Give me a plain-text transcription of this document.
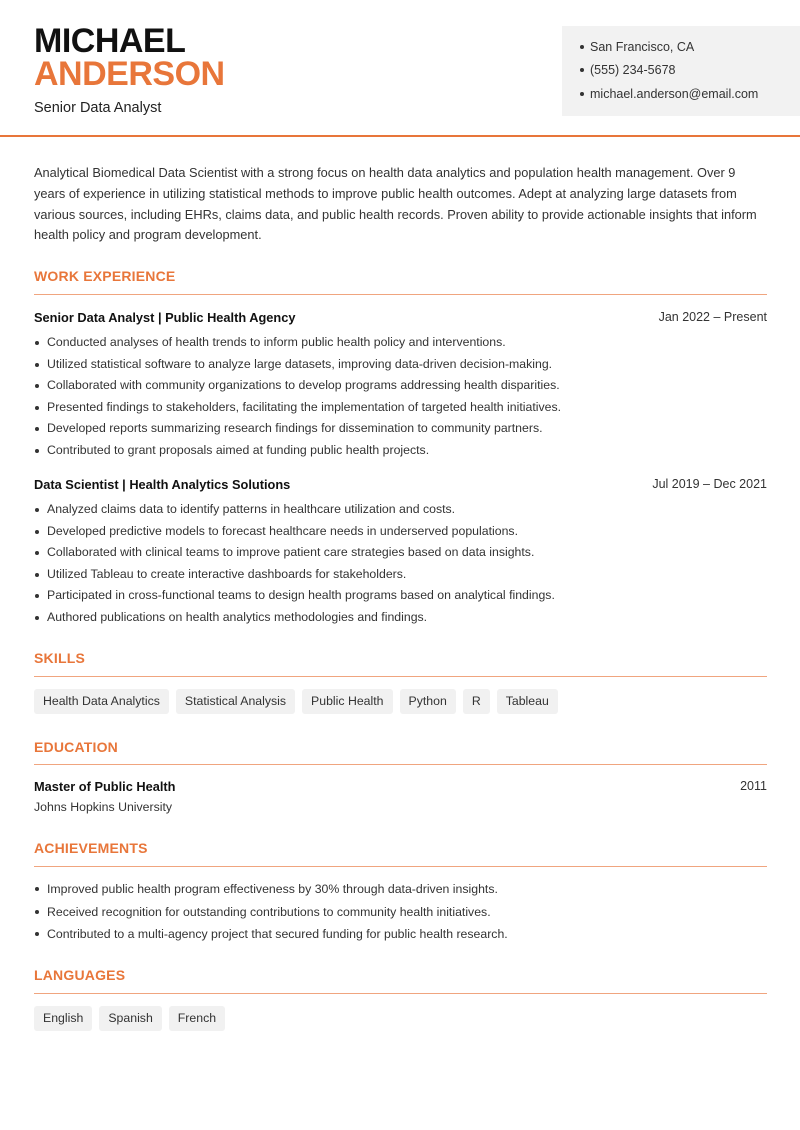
MICHAEL
ANDERSON
Senior Data Analyst
San Francisco, CA
(555) 234-5678
michael.anderson@email.com
Analytical Biomedical Data Scientist with a strong focus on health data analytics and population health management. Over 9 years of experience in utilizing statistical methods to improve public health outcomes. Adept at analyzing large datasets from various sources, including EHRs, claims data, and public health records. Proven ability to provide actionable insights that inform health policy and program development.
WORK EXPERIENCE
Senior Data Analyst | Public Health Agency	Jan 2022 – Present
Conducted analyses of health trends to inform public health policy and interventions.
Utilized statistical software to analyze large datasets, improving data-driven decision-making.
Collaborated with community organizations to develop programs addressing health disparities.
Presented findings to stakeholders, facilitating the implementation of targeted health initiatives.
Developed reports summarizing research findings for dissemination to community partners.
Contributed to grant proposals aimed at funding public health projects.
Data Scientist | Health Analytics Solutions	Jul 2019 – Dec 2021
Analyzed claims data to identify patterns in healthcare utilization and costs.
Developed predictive models to forecast healthcare needs in underserved populations.
Collaborated with clinical teams to improve patient care strategies based on data insights.
Utilized Tableau to create interactive dashboards for stakeholders.
Participated in cross-functional teams to design health programs based on analytical findings.
Authored publications on health analytics methodologies and findings.
SKILLS
Health Data Analytics	Statistical Analysis	Public Health	Python	R	Tableau
EDUCATION
Master of Public Health	2011
Johns Hopkins University
ACHIEVEMENTS
Improved public health program effectiveness by 30% through data-driven insights.
Received recognition for outstanding contributions to community health initiatives.
Contributed to a multi-agency project that secured funding for public health research.
LANGUAGES
English	Spanish	French
